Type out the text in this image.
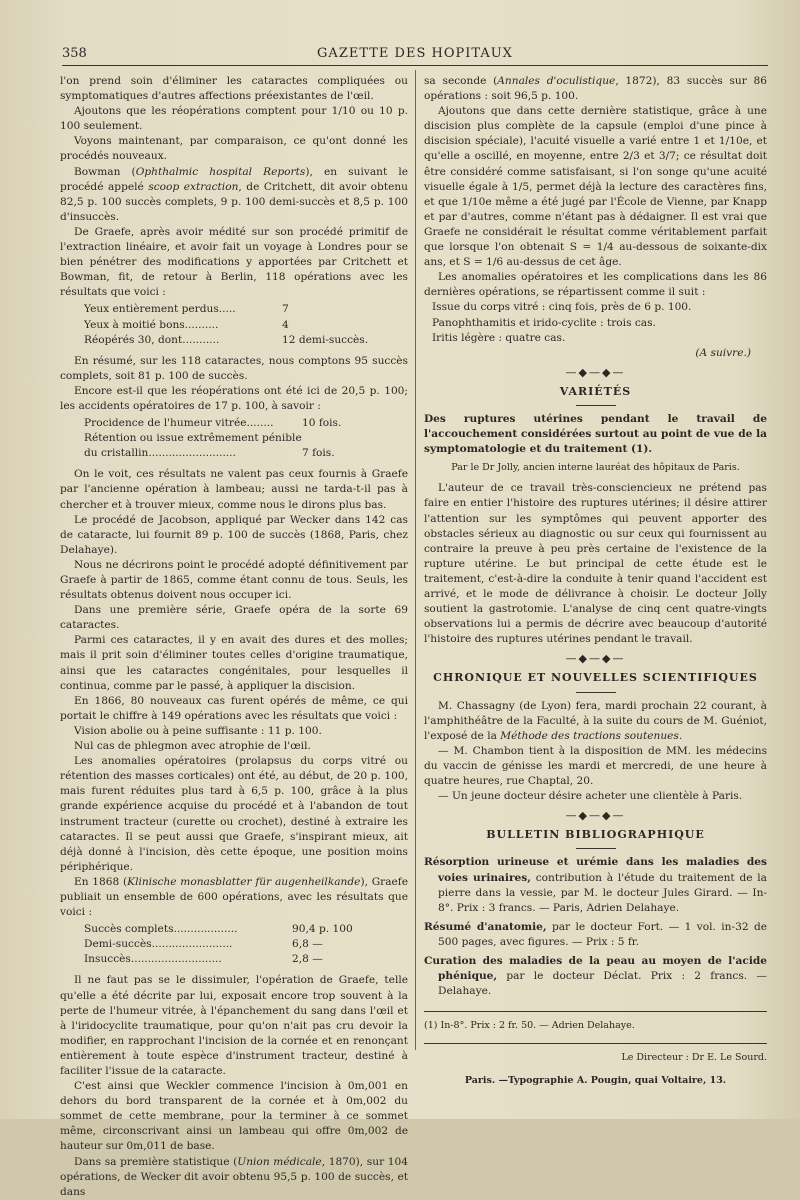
358	GAZETTE DES HOPITAUX

l'on prend soin d'éliminer les cataractes compliquées ou symptomatiques d'autres affections préexistantes de l'œil.

Ajoutons que les réopérations comptent pour 1/10 ou 10 p. 100 seulement.

Voyons maintenant, par comparaison, ce qu'ont donné les procédés nouveaux.

Bowman (Ophthalmic hospital Reports), en suivant le procédé appelé scoop extraction, de Critchett, dit avoir obtenu 82,5 p. 100 succès complets, 9 p. 100 demi-succès et 8,5 p. 100 d'insuccès.

De Graefe, après avoir médité sur son procédé primitif de l'extraction linéaire, et avoir fait un voyage à Londres pour se bien pénétrer des modifications y apportées par Critchett et Bowman, fit, de retour à Berlin, 118 opérations avec les résultats que voici :

Yeux entièrement perdus.....	7
Yeux à moitié bons..........	4
Réopérés 30, dont...........	12 demi-succès.

En résumé, sur les 118 cataractes, nous comptons 95 succès complets, soit 81 p. 100 de succès.

Encore est-il que les réopérations ont été ici de 20,5 p. 100; les accidents opératoires de 17 p. 100, à savoir :

Procidence de l'humeur vitrée........	10 fois.
Rétention ou issue extrêmement pénible
du cristallin..........................	7 fois.

On le voit, ces résultats ne valent pas ceux fournis à Graefe par l'ancienne opération à lambeau; aussi ne tarda-t-il pas à chercher et à trouver mieux, comme nous le dirons plus bas.

Le procédé de Jacobson, appliqué par Wecker dans 142 cas de cataracte, lui fournit 89 p. 100 de succès (1868, Paris, chez Delahaye).

Nous ne décrirons point le procédé adopté définitivement par Graefe à partir de 1865, comme étant connu de tous. Seuls, les résultats obtenus doivent nous occuper ici.

Dans une première série, Graefe opéra de la sorte 69 cataractes.

Parmi ces cataractes, il y en avait des dures et des molles; mais il prit soin d'éliminer toutes celles d'origine traumatique, ainsi que les cataractes congénitales, pour lesquelles il continua, comme par le passé, à appliquer la discision.

En 1866, 80 nouveaux cas furent opérés de même, ce qui portait le chiffre à 149 opérations avec les résultats que voici :

Vision abolie ou à peine suffisante : 11 p. 100.

Nul cas de phlegmon avec atrophie de l'œil.

Les anomalies opératoires (prolapsus du corps vitré ou rétention des masses corticales) ont été, au début, de 20 p. 100, mais furent réduites plus tard à 6,5 p. 100, grâce à la plus grande expérience acquise du procédé et à l'abandon de tout instrument tracteur (curette ou crochet), destiné à extraire les cataractes. Il se peut aussi que Graefe, s'inspirant mieux, ait déjà donné à l'incision, dès cette époque, une position moins périphérique.

En 1868 (Klinische monasblatter für augenheilkande), Graefe publiait un ensemble de 600 opérations, avec les résultats que voici :

Succès complets...................	90,4 p. 100
Demi-succès........................	6,8 —
Insuccès...........................	2,8 —

Il ne faut pas se le dissimuler, l'opération de Graefe, telle qu'elle a été décrite par lui, exposait encore trop souvent à la perte de l'humeur vitrée, à l'épanchement du sang dans l'œil et à l'iridocyclite traumatique, pour qu'on n'ait pas cru devoir la modifier, en rapprochant l'incision de la cornée et en renonçant entièrement à toute espèce d'instrument tracteur, destiné à faciliter l'issue de la cataracte.

C'est ainsi que Weckler commence l'incision à 0m,001 en dehors du bord transparent de la cornée et à 0m,002 du sommet de cette membrane, pour la terminer à ce sommet même, circonscrivant ainsi un lambeau qui offre 0m,002 de hauteur sur 0m,011 de base.

Dans sa première statistique (Union médicale, 1870), sur 104 opérations, de Wecker dit avoir obtenu 95,5 p. 100 de succès, et dans

sa seconde (Annales d'oculistique, 1872), 83 succès sur 86 opérations : soit 96,5 p. 100.

Ajoutons que dans cette dernière statistique, grâce à une discision plus complète de la capsule (emploi d'une pince à discision spéciale), l'acuité visuelle a varié entre 1 et 1/10e, et qu'elle a oscillé, en moyenne, entre 2/3 et 3/7; ce résultat doit être considéré comme satisfaisant, si l'on songe qu'une acuité visuelle égale à 1/5, permet déjà la lecture des caractères fins, et que 1/10e même a été jugé par l'École de Vienne, par Knapp et par d'autres, comme n'étant pas à dédaigner. Il est vrai que Graefe ne considérait le résultat comme véritablement parfait que lorsque l'on obtenait S = 1/4 au-dessous de soixante-dix ans, et S = 1/6 au-dessus de cet âge.

Les anomalies opératoires et les complications dans les 86 dernières opérations, se répartissent comme il suit :

Issue du corps vitré : cinq fois, près de 6 p. 100.
Panophthamitis et irido-cyclite : trois cas.
Iritis légère : quatre cas.
(A suivre.)
—◆—◆—
VARIÉTÉS

Des ruptures utérines pendant le travail de l'accouchement considérées surtout au point de vue de la symptomatologie et du traitement (1).

Par le Dr Jolly, ancien interne lauréat des hôpitaux de Paris.

L'auteur de ce travail très-consciencieux ne prétend pas faire en entier l'histoire des ruptures utérines; il désire attirer l'attention sur les symptômes qui peuvent apporter des obstacles sérieux au diagnostic ou sur ceux qui fournissent au contraire la preuve à peu près certaine de l'existence de la rupture utérine. Le but principal de cette étude est le traitement, c'est-à-dire la conduite à tenir quand l'accident est arrivé, et le mode de délivrance à choisir. Le docteur Jolly soutient la gastrotomie. L'analyse de cinq cent quatre-vingts observations lui a permis de décrire avec beaucoup d'autorité l'histoire des ruptures utérines pendant le travail.

—◆—◆—
CHRONIQUE ET NOUVELLES SCIENTIFIQUES

M. Chassagny (de Lyon) fera, mardi prochain 22 courant, à l'amphithéâtre de la Faculté, à la suite du cours de M. Guéniot, l'exposé de la Méthode des tractions soutenues.

— M. Chambon tient à la disposition de MM. les médecins du vaccin de génisse les mardi et mercredi, de une heure à quatre heures, rue Chaptal, 20.

— Un jeune docteur désire acheter une clientèle à Paris.

—◆—◆—
BULLETIN BIBLIOGRAPHIQUE

Résorption urineuse et urémie dans les maladies des voies urinaires, contribution à l'étude du traitement de la pierre dans la vessie, par M. le docteur Jules Girard. — In-8°. Prix : 3 francs. — Paris, Adrien Delahaye.

Résumé d'anatomie, par le docteur Fort. — 1 vol. in-32 de 500 pages, avec figures. — Prix : 5 fr.

Curation des maladies de la peau au moyen de l'acide phénique, par le docteur Déclat. Prix : 2 francs. — Delahaye.

(1) In-8°. Prix : 2 fr. 50. — Adrien Delahaye.
Le Directeur : Dr E. Le Sourd.
Paris. —Typographie A. Pougin, quai Voltaire, 13.
